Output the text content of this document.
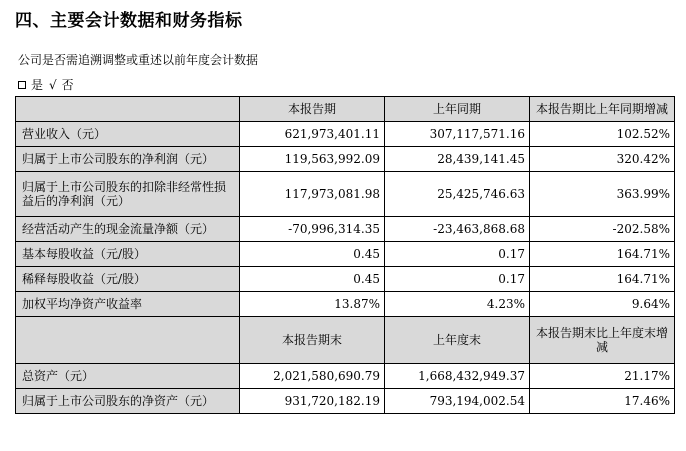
四、主要会计数据和财务指标
公司是否需追溯调整或重述以前年度会计数据
是 √ 否
	本报告期	上年同期	本报告期比上年同期增减
营业收入（元）	621,973,401.11	307,117,571.16	102.52%
归属于上市公司股东的净利润（元）	119,563,992.09	28,439,141.45	320.42%
归属于上市公司股东的扣除非经常性损益后的净利润（元）	117,973,081.98	25,425,746.63	363.99%
经营活动产生的现金流量净额（元）	-70,996,314.35	-23,463,868.68	-202.58%
基本每股收益（元/股）	0.45	0.17	164.71%
稀释每股收益（元/股）	0.45	0.17	164.71%
加权平均净资产收益率	13.87%	4.23%	9.64%
	本报告期末	上年度末	本报告期末比上年度末增减
总资产（元）	2,021,580,690.79	1,668,432,949.37	21.17%
归属于上市公司股东的净资产（元）	931,720,182.19	793,194,002.54	17.46%
